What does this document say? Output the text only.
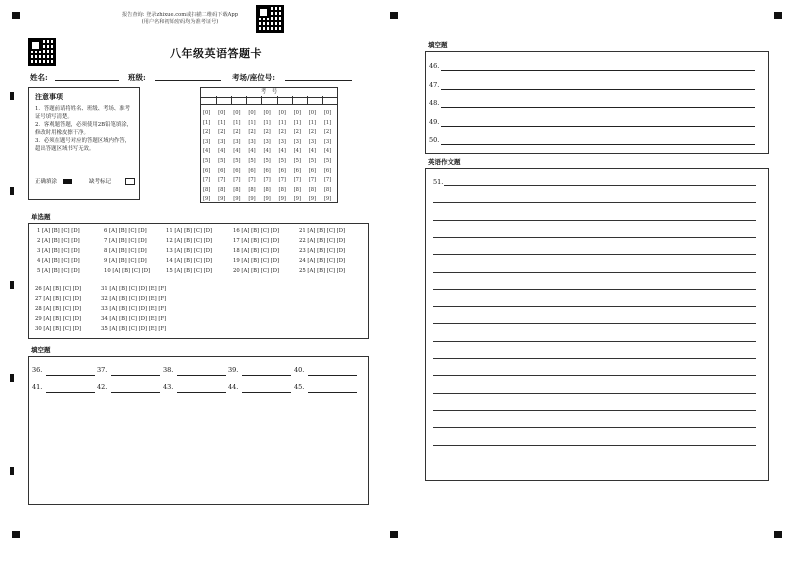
报告查询: 登录zhixue.com或扫描二维码下载App
(用户名和初始密码均为准考证号)
八年级英语答题卡
姓名:	班级:	考场/座位号:
注意事项
1．答题前请将姓名、班级、考场、准考证号填写清楚。
2．客观题答题，必须使用2B铅笔填涂，修改时用橡皮擦干净。
3．必须在题号对应的答题区域内作答，超出答题区域书写无效。
正确填涂	缺考标记
考　号
[0] [0] [0] [0] [0] [0] [0] [0] [0]
[1] [1] [1] [1] [1] [1] [1] [1] [1]
[2] [2] [2] [2] [2] [2] [2] [2] [2]
[3] [3] [3] [3] [3] [3] [3] [3] [3]
[4] [4] [4] [4] [4] [4] [4] [4] [4]
[5] [5] [5] [5] [5] [5] [5] [5] [5]
[6] [6] [6] [6] [6] [6] [6] [6] [6]
[7] [7] [7] [7] [7] [7] [7] [7] [7]
[8] [8] [8] [8] [8] [8] [8] [8] [8]
[9] [9] [9] [9] [9] [9] [9] [9] [9]
单选题
1 [A] [B] [C] [D]	6 [A] [B] [C] [D]	11 [A] [B] [C] [D]	16 [A] [B] [C] [D]	21 [A] [B] [C] [D]
2 [A] [B] [C] [D]	7 [A] [B] [C] [D]	12 [A] [B] [C] [D]	17 [A] [B] [C] [D]	22 [A] [B] [C] [D]
3 [A] [B] [C] [D]	8 [A] [B] [C] [D]	13 [A] [B] [C] [D]	18 [A] [B] [C] [D]	23 [A] [B] [C] [D]
4 [A] [B] [C] [D]	9 [A] [B] [C] [D]	14 [A] [B] [C] [D]	19 [A] [B] [C] [D]	24 [A] [B] [C] [D]
5 [A] [B] [C] [D]	10 [A] [B] [C] [D]	15 [A] [B] [C] [D]	20 [A] [B] [C] [D]	25 [A] [B] [C] [D]
26 [A] [B] [C] [D]	31 [A] [B] [C] [D] [E] [F]
27 [A] [B] [C] [D]	32 [A] [B] [C] [D] [E] [F]
28 [A] [B] [C] [D]	33 [A] [B] [C] [D] [E] [F]
29 [A] [B] [C] [D]	34 [A] [B] [C] [D] [E] [F]
30 [A] [B] [C] [D]	35 [A] [B] [C] [D] [E] [F]
填空题
36.	37.	38.	39.	40.
41.	42.	43.	44.	45.
填空题
46.
47.
48.
49.
50.
英语作文题
51.
